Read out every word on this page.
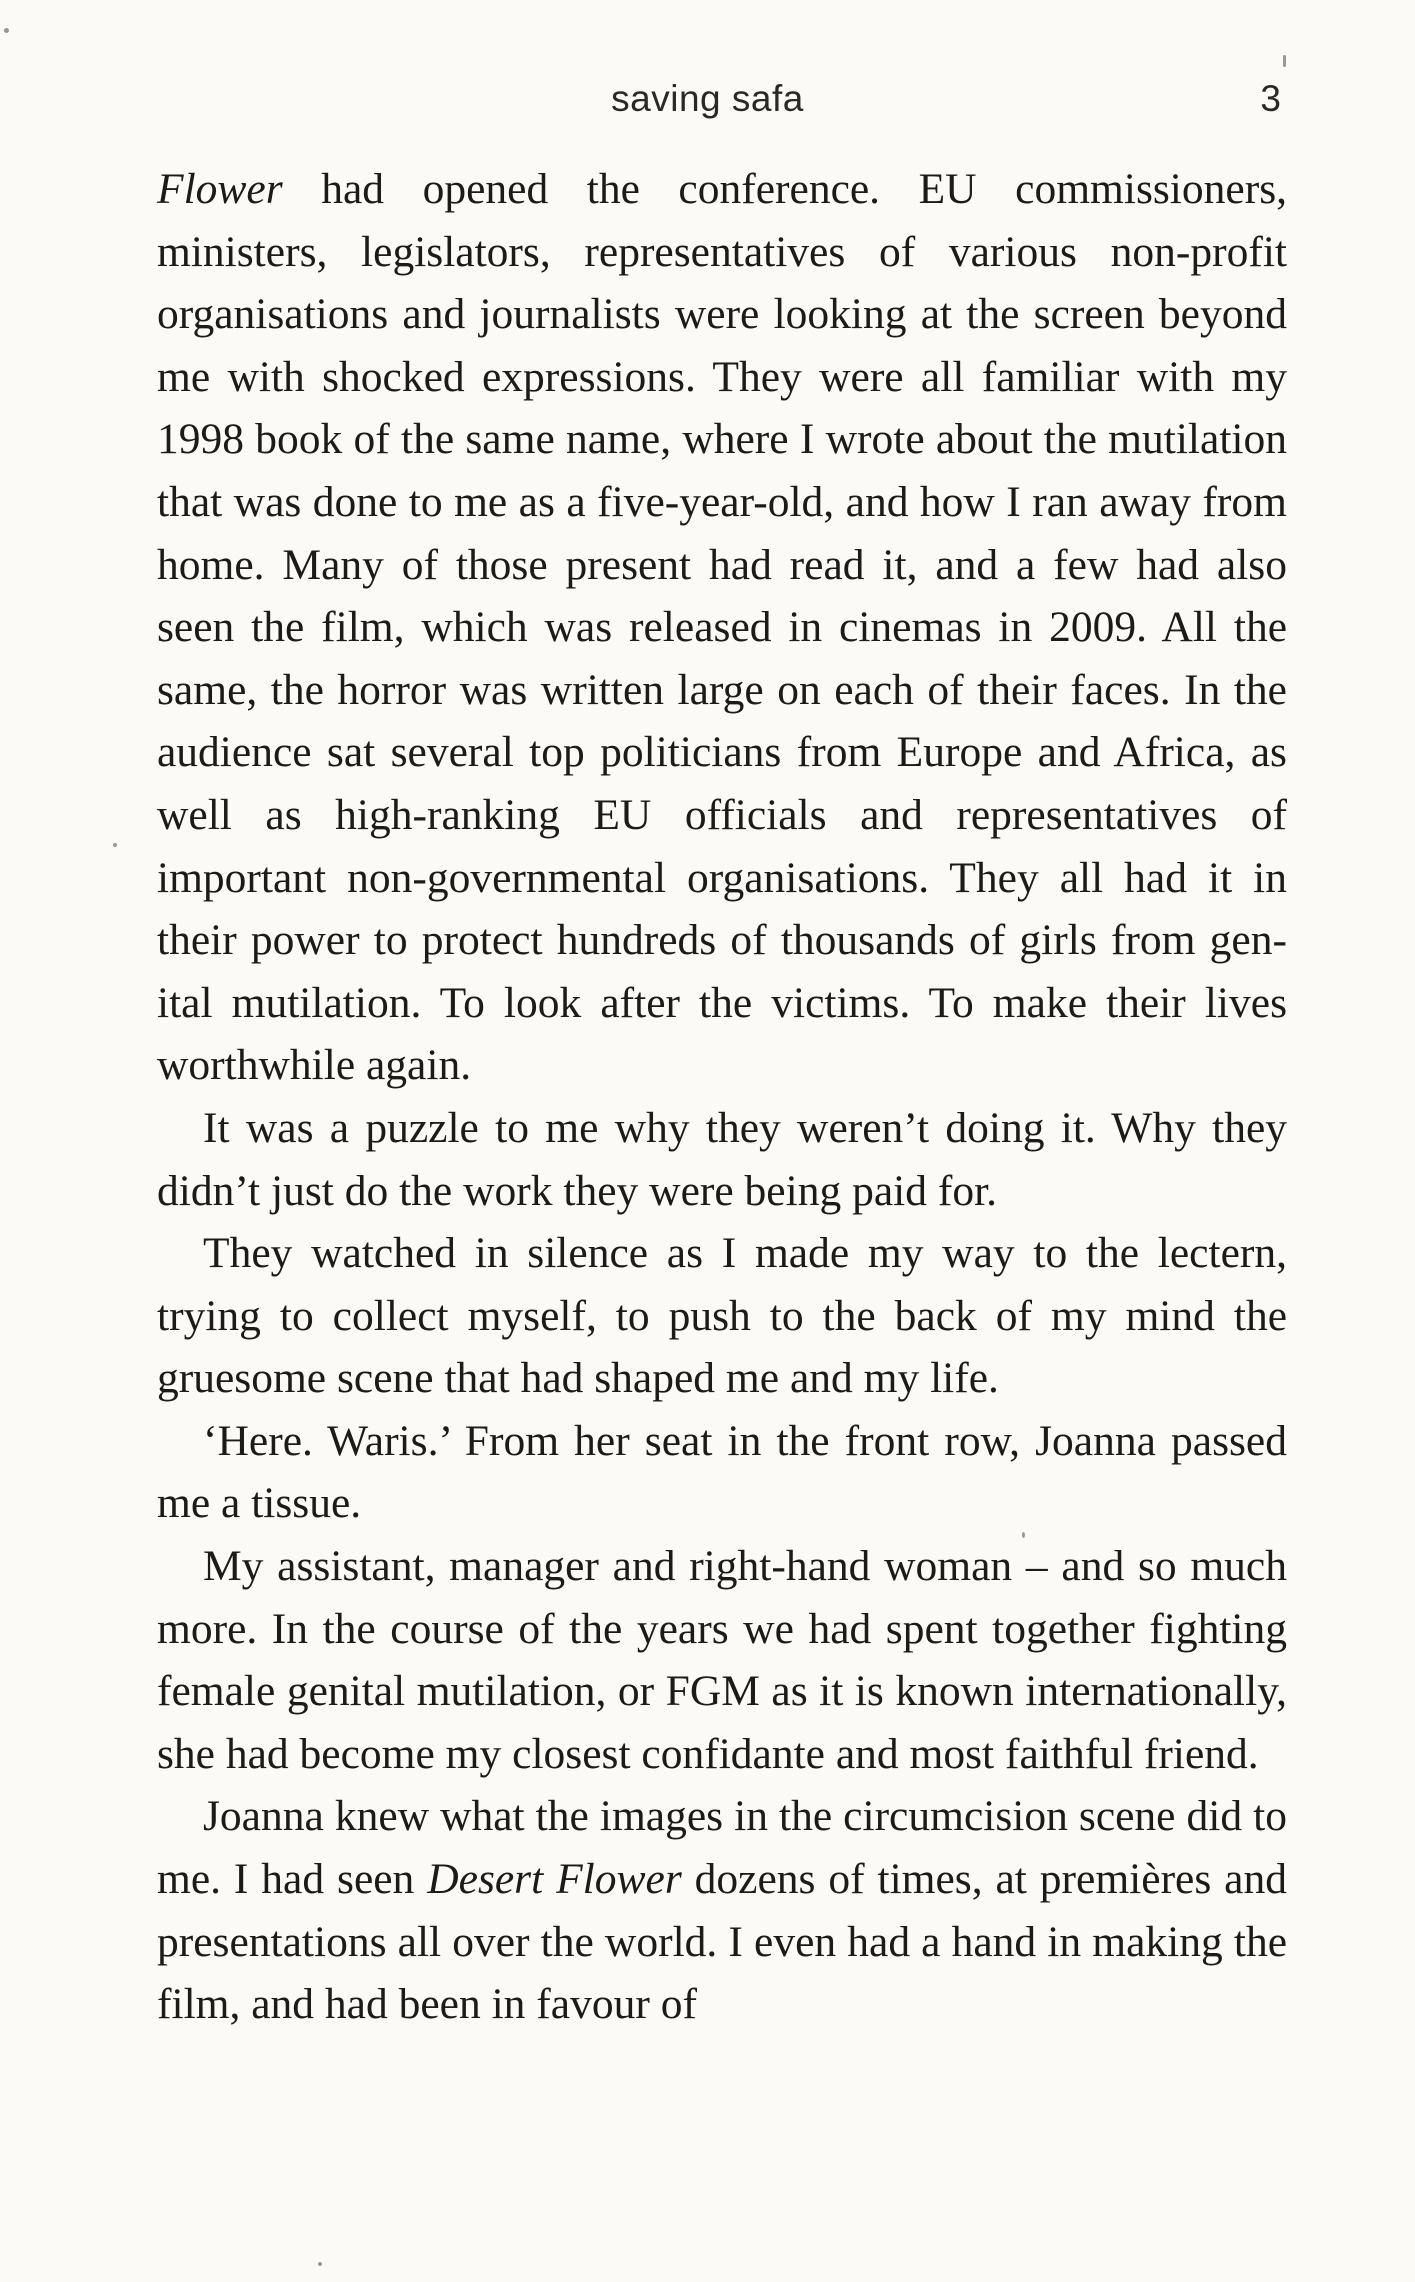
saving safa	3

Flower had opened the conference. EU commissioners, ministers, legislators, representatives of various non-profit organisations and journalists were looking at the screen beyond me with shocked expressions. They were all familiar with my 1998 book of the same name, where I wrote about the mutilation that was done to me as a five-year-old, and how I ran away from home. Many of those present had read it, and a few had also seen the film, which was released in cinemas in 2009. All the same, the horror was written large on each of their faces. In the audience sat several top politicians from Europe and Africa, as well as high-ranking EU officials and representatives of important non-governmental organisations. They all had it in their power to protect hundreds of thousands of girls from genital mutilation. To look after the victims. To make their lives worthwhile again.

It was a puzzle to me why they weren’t doing it. Why they didn’t just do the work they were being paid for.

They watched in silence as I made my way to the lectern, trying to collect myself, to push to the back of my mind the gruesome scene that had shaped me and my life.

‘Here. Waris.’ From her seat in the front row, Joanna passed me a tissue.

My assistant, manager and right-hand woman – and so much more. In the course of the years we had spent together fighting female genital mutilation, or FGM as it is known internationally, she had become my closest confidante and most faithful friend.

Joanna knew what the images in the circumcision scene did to me. I had seen Desert Flower dozens of times, at premières and presentations all over the world. I even had a hand in making the film, and had been in favour of
